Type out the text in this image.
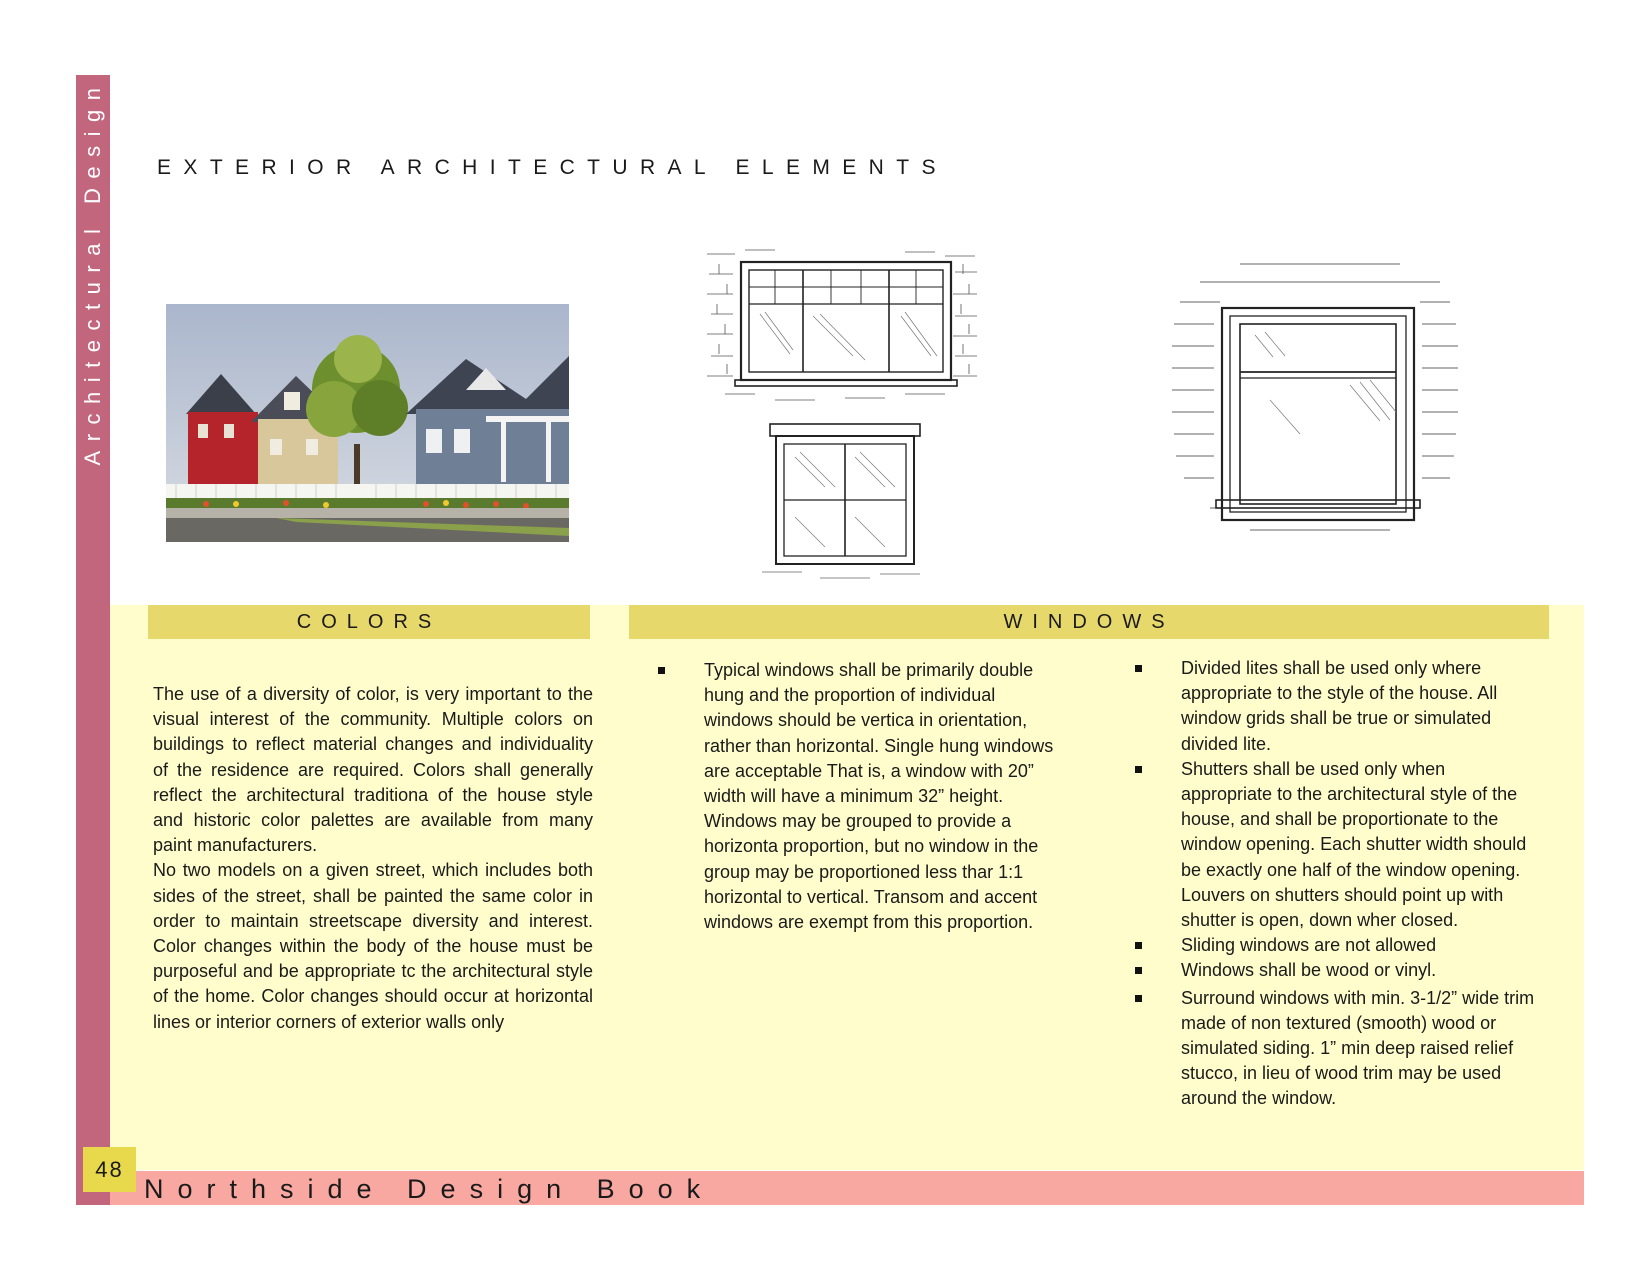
Architectural Design EXTERIOR ARCHITECTURAL ELEMENTS
COLORS	WINDOWS

The use of a diversity of color, is very important to the visual interest of the community. Multiple colors on buildings to reflect material changes and individuality of the residence are required. Colors shall generally reflect the architectural traditiona of the house style and historic color palettes are available from many paint manufacturers.

No two models on a given street, which includes both sides of the street, shall be painted the same color in order to maintain streetscape diversity and interest. Color changes within the body of the house must be purposeful and be appropriate tc the architectural style of the home. Color changes should occur at horizontal lines or interior corners of exterior walls only

Typical windows shall be primarily double hung and the proportion of individual windows should be vertica in orientation, rather than horizontal. Single hung windows are acceptable That is, a window with 20” width will have a minimum 32” height. Windows may be grouped to provide a horizonta proportion, but no window in the group may be proportioned less thar 1:1 horizontal to vertical. Transom and accent windows are exempt from this proportion.
Divided lites shall be used only where appropriate to the style of the house. All window grids shall be true or simulated divided lite.
Shutters shall be used only when appropriate to the architectural style of the house, and shall be proportionate to the window opening. Each shutter width should be exactly one half of the window opening. Louvers on shutters should point up with shutter is open, down wher closed.
Sliding windows are not allowed
Windows shall be wood or vinyl.
Surround windows with min. 3-1/2” wide trim made of non textured (smooth) wood or simulated siding. 1” min deep raised relief stucco, in lieu of wood trim may be used around the window.
Northside Design Book
48
